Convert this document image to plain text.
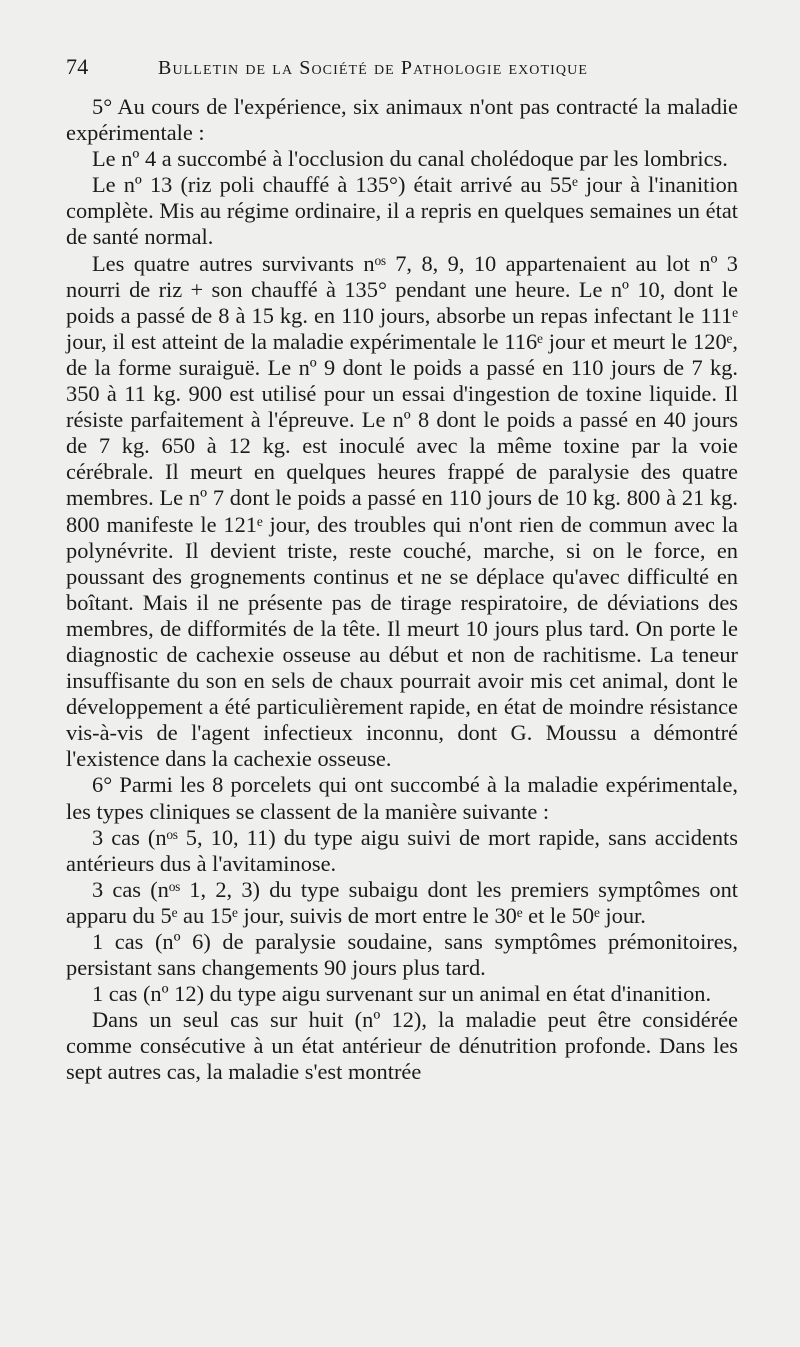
74	Bulletin de la Société de Pathologie exotique

5° Au cours de l'expérience, six animaux n'ont pas contracté la maladie expérimentale :

Le nº 4 a succombé à l'occlusion du canal cholédoque par les lombrics.

Le nº 13 (riz poli chauffé à 135°) était arrivé au 55ᵉ jour à l'inanition complète. Mis au régime ordinaire, il a repris en quelques semaines un état de santé normal.

Les quatre autres survivants nᵒˢ 7, 8, 9, 10 appartenaient au lot nº 3 nourri de riz + son chauffé à 135° pendant une heure. Le nº 10, dont le poids a passé de 8 à 15 kg. en 110 jours, absorbe un repas infectant le 111ᵉ jour, il est atteint de la maladie expérimentale le 116ᵉ jour et meurt le 120ᵉ, de la forme suraiguë. Le nº 9 dont le poids a passé en 110 jours de 7 kg. 350 à 11 kg. 900 est utilisé pour un essai d'ingestion de toxine liquide. Il résiste parfaitement à l'épreuve. Le nº 8 dont le poids a passé en 40 jours de 7 kg. 650 à 12 kg. est inoculé avec la même toxine par la voie cérébrale. Il meurt en quelques heures frappé de paralysie des quatre membres. Le nº 7 dont le poids a passé en 110 jours de 10 kg. 800 à 21 kg. 800 manifeste le 121ᵉ jour, des troubles qui n'ont rien de commun avec la polynévrite. Il devient triste, reste couché, marche, si on le force, en poussant des grognements continus et ne se déplace qu'avec difficulté en boîtant. Mais il ne présente pas de tirage respiratoire, de déviations des membres, de difformités de la tête. Il meurt 10 jours plus tard. On porte le diagnostic de cachexie osseuse au début et non de rachitisme. La teneur insuffisante du son en sels de chaux pourrait avoir mis cet animal, dont le développement a été particulièrement rapide, en état de moindre résistance vis-à-vis de l'agent infectieux inconnu, dont G. Moussu a démontré l'existence dans la cachexie osseuse.

6° Parmi les 8 porcelets qui ont succombé à la maladie expérimentale, les types cliniques se classent de la manière suivante :

3 cas (nᵒˢ 5, 10, 11) du type aigu suivi de mort rapide, sans accidents antérieurs dus à l'avitaminose.

3 cas (nᵒˢ 1, 2, 3) du type subaigu dont les premiers symptômes ont apparu du 5ᵉ au 15ᵉ jour, suivis de mort entre le 30ᵉ et le 50ᵉ jour.

1 cas (nº 6) de paralysie soudaine, sans symptômes prémonitoires, persistant sans changements 90 jours plus tard.

1 cas (nº 12) du type aigu survenant sur un animal en état d'inanition.

Dans un seul cas sur huit (nº 12), la maladie peut être considérée comme consécutive à un état antérieur de dénutrition profonde. Dans les sept autres cas, la maladie s'est montrée
